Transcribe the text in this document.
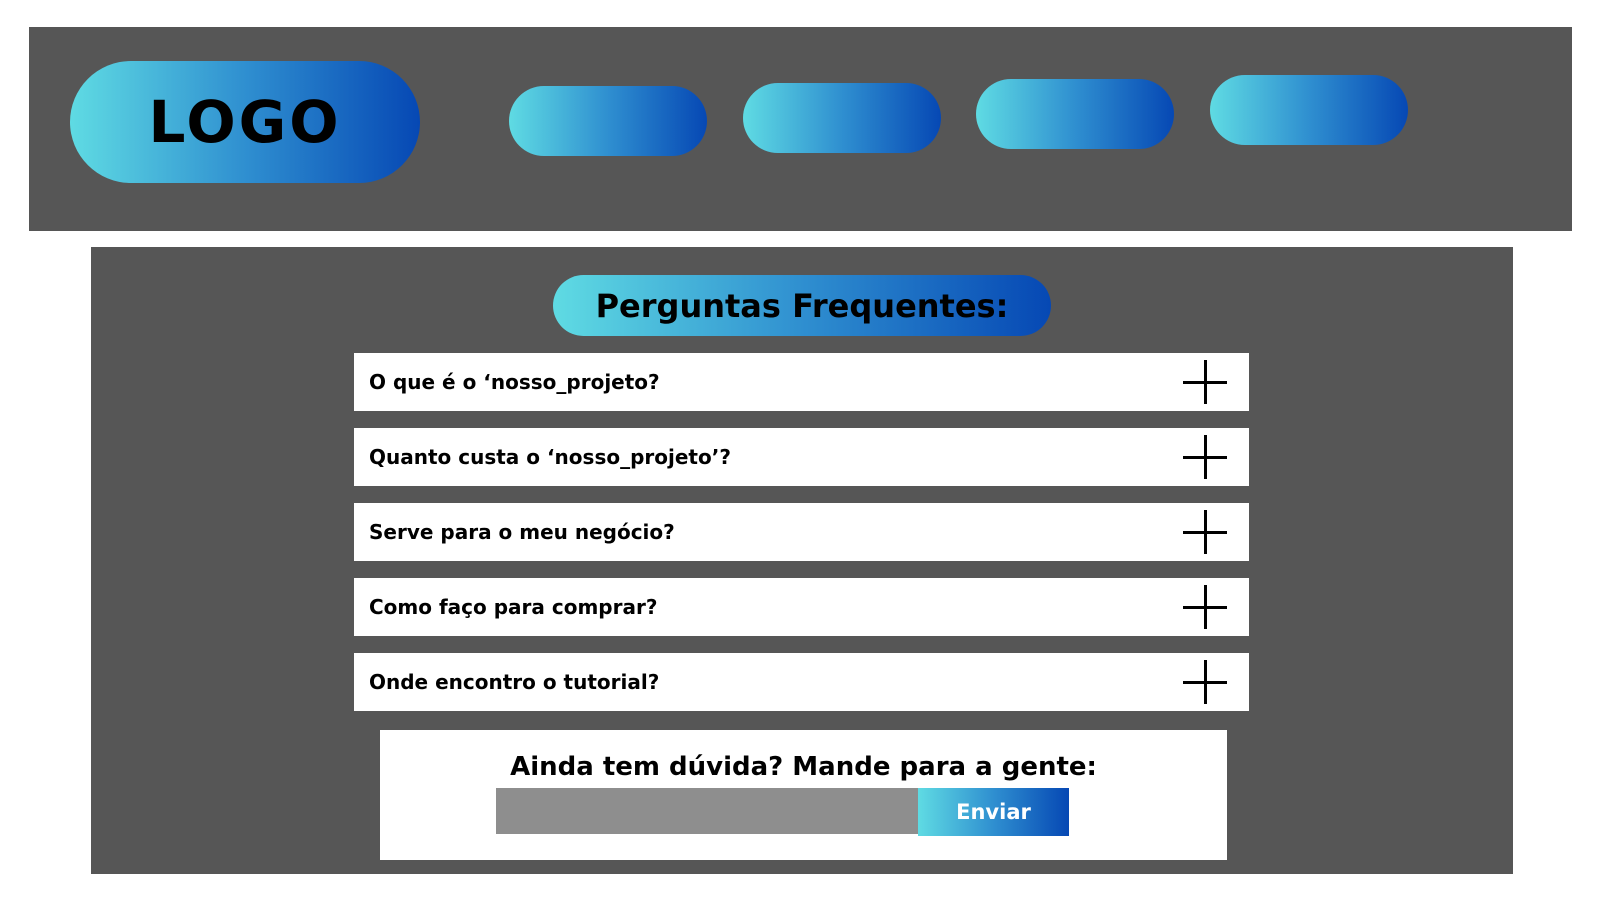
LOGO
Perguntas Frequentes:
O que é o ‘nosso_projeto?
Quanto custa o ‘nosso_projeto’?
Serve para o meu negócio?
Como faço para comprar?
Onde encontro o tutorial?
Ainda tem dúvida? Mande para a gente:
Enviar
